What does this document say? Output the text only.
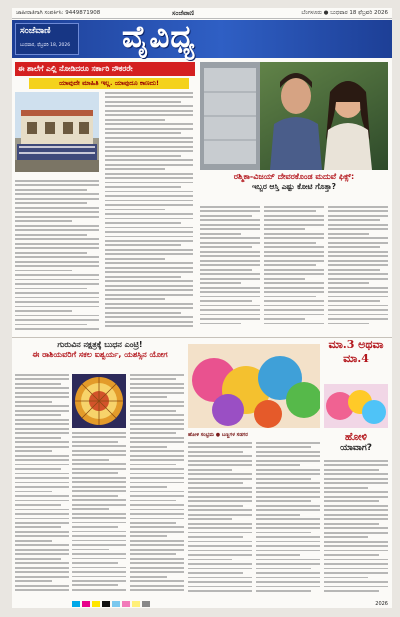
ಜಾಹೀರಾತಿಗಾಗಿ ಸಂಪರ್ಕಿಸಿ: 9449871908	ಸಂಜೆವಾಣಿ	ಬೆಂಗಳೂರು ● ಬುಧವಾರ 18 ಫೆಬ್ರವರಿ 2026
ಸಂಜೆವಾಣಿ
ಬುಧವಾರ, ಫೆಬ್ರವರಿ 18, 2026 ವೈವಿಧ್ಯ
ಈ ಶಾಲೆಗೆ ಎಲ್ಲಿ ನೋಡಿದರೂ ಸರ್ಕಾರಿ ನೌಕರರೇ
ಯಾವುದೇ ಮಾಹಿತಿ ಇಲ್ಲ. ಯಾವುದೂ ಕಾಣದು!
ರಶ್ಮಿಕಾ-ವಿಜಯ್ ದೇವರಕೊಂಡ ಮದುವೆ ಫಿಕ್ಸ್:
ಇಬ್ಬರ ಆಸ್ತಿ ಎಷ್ಟು ಕೋಟಿ ಗೊತ್ತಾ?
ಗುರುವಿನ ನಕ್ಷತ್ರಕ್ಕೆ ಬುಧನ ಎಂಟ್ರಿ!
ಈ ರಾಶಿಯವರಿಗೆ ಸಕಲ ಐಶ್ವರ್ಯ, ಯಶಸ್ಸಿನ ಯೋಗ
ಹೋಳಿ ಸಂಭ್ರಮ ● ಬಣ್ಣಗಳ ಸಡಗರ
ಮಾ.3 ಅಥವಾ
ಮಾ.4
ಹೋಳಿ
ಯಾವಾಗ?
2026
